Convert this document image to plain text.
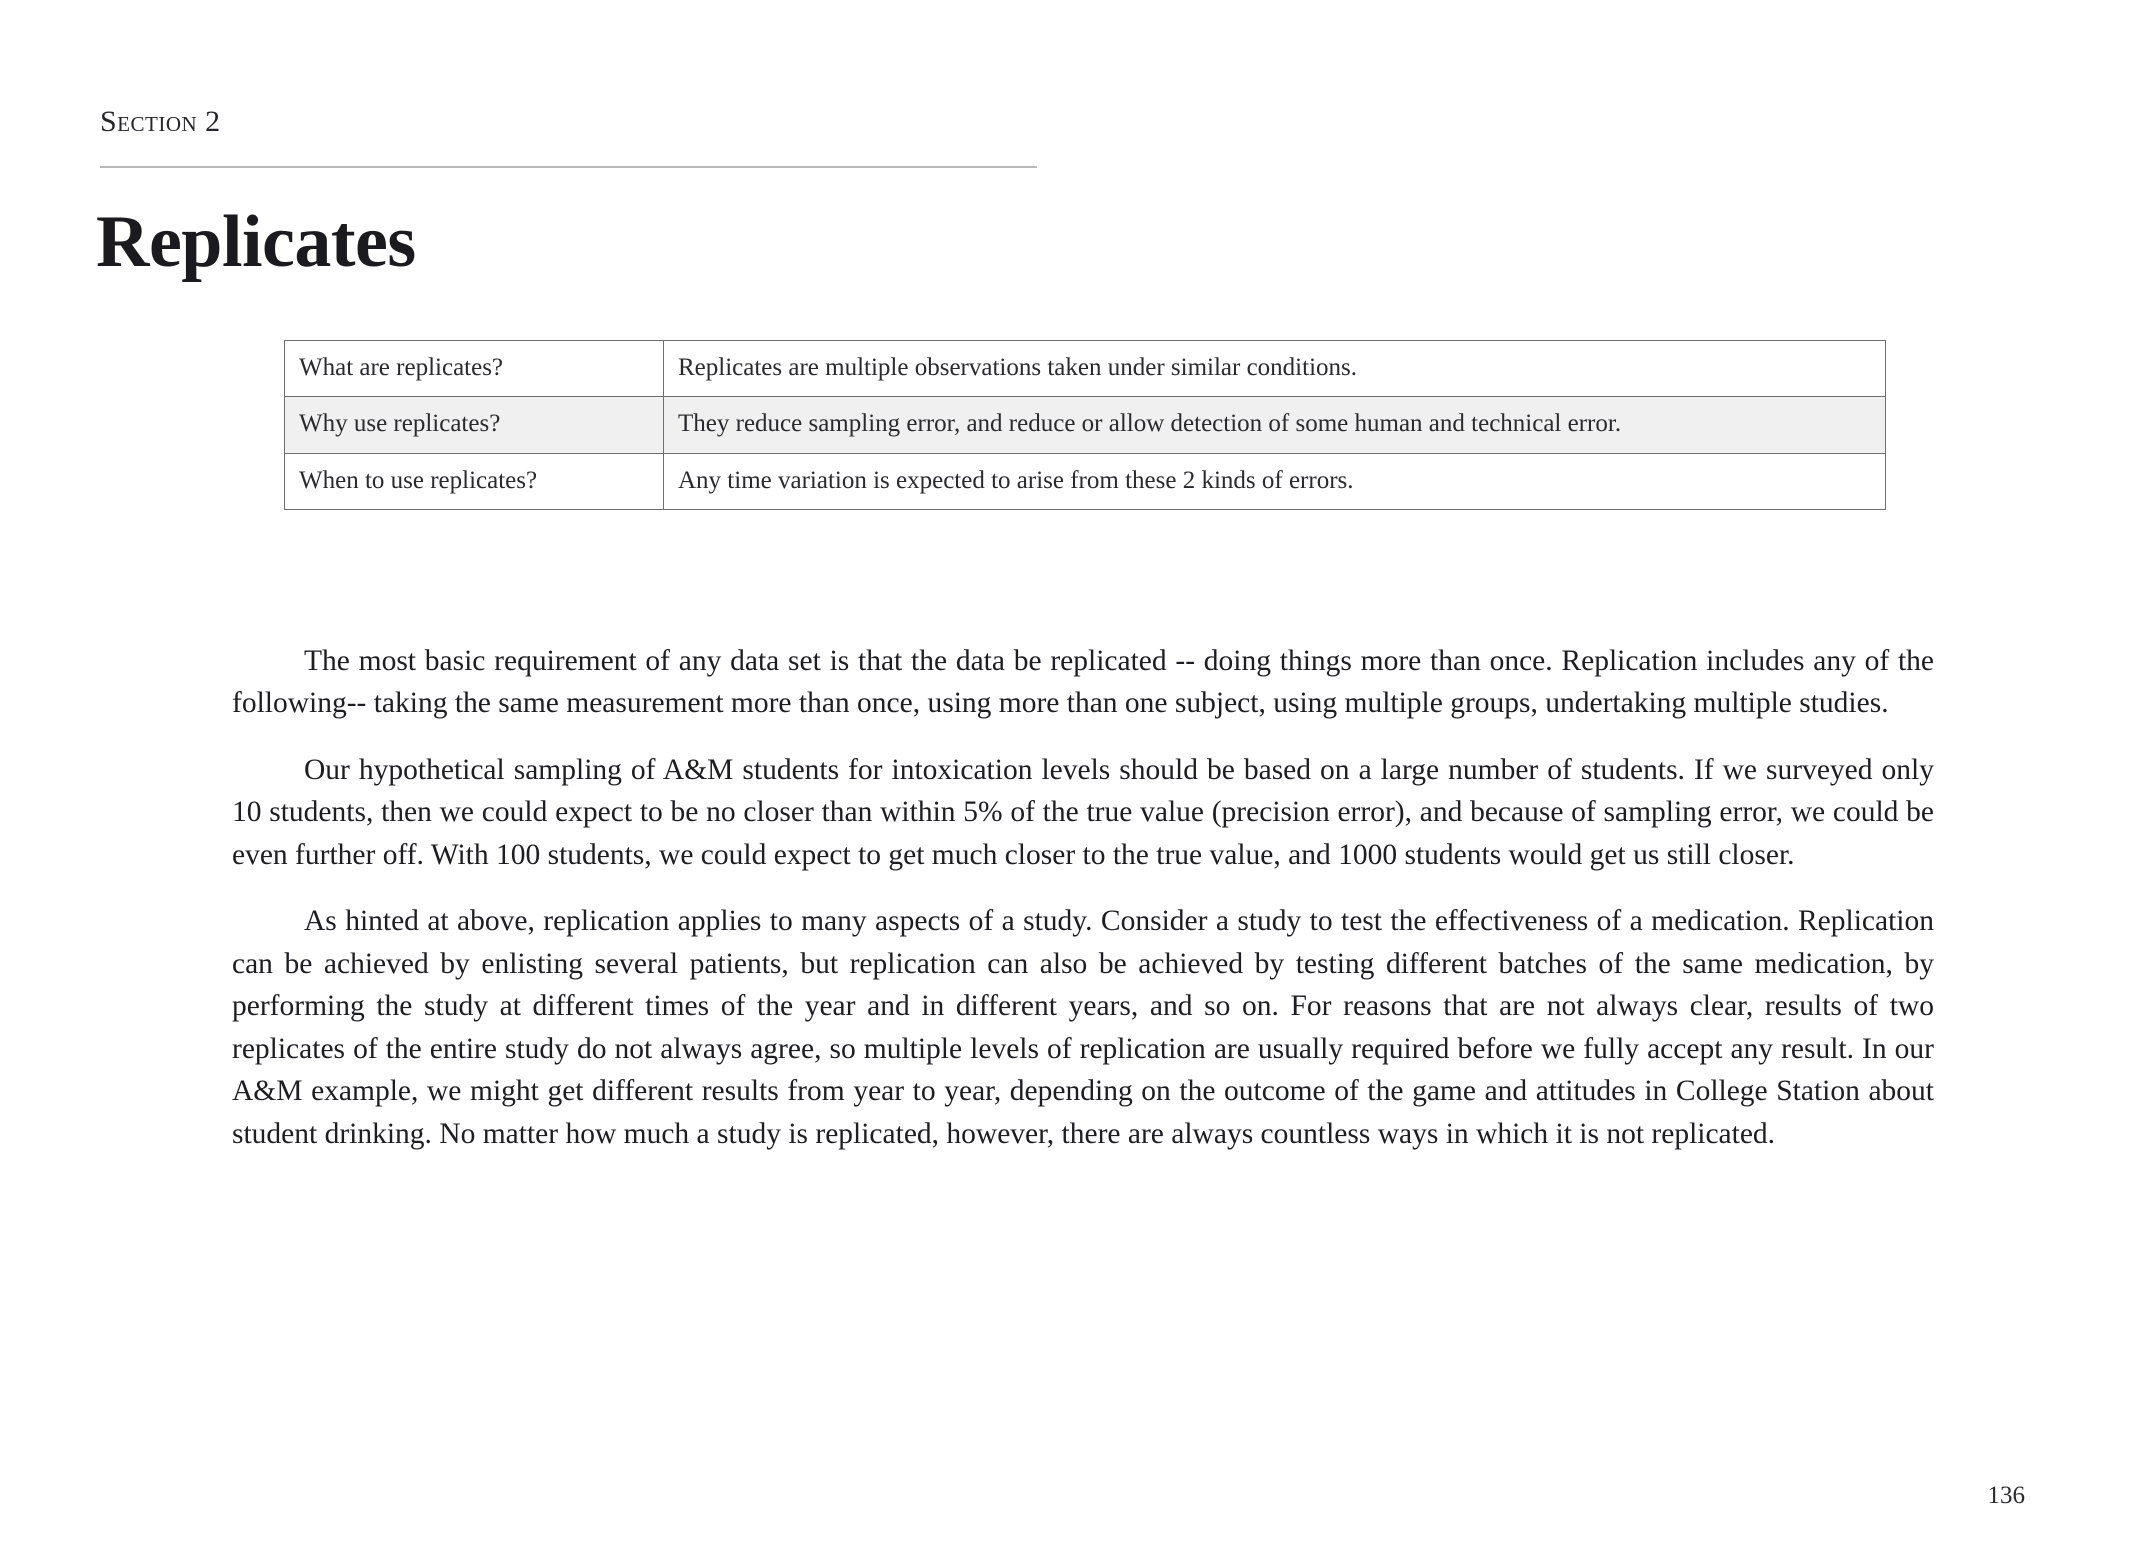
Section 2
Replicates
What are replicates?	Replicates are multiple observations taken under similar conditions.
Why use replicates?	They reduce sampling error, and reduce or allow detection of some human and technical error.
When to use replicates?	Any time variation is expected to arise from these 2 kinds of errors.

The most basic requirement of any data set is that the data be replicated -- doing things more than once. Replication includes any of the following-- taking the same measurement more than once, using more than one subject, using multiple groups, undertaking multiple studies.

Our hypothetical sampling of A&M students for intoxication levels should be based on a large number of students. If we surveyed only 10 students, then we could expect to be no closer than within 5% of the true value (precision error), and because of sampling error, we could be even further off. With 100 students, we could expect to get much closer to the true value, and 1000 students would get us still closer.

As hinted at above, replication applies to many aspects of a study. Consider a study to test the effectiveness of a medication. Replication can be achieved by enlisting several patients, but replication can also be achieved by testing different batches of the same medication, by performing the study at different times of the year and in different years, and so on. For reasons that are not always clear, results of two replicates of the entire study do not always agree, so multiple levels of replication are usually required before we fully accept any result. In our A&M example, we might get different results from year to year, depending on the outcome of the game and attitudes in College Station about student drinking. No matter how much a study is replicated, however, there are always countless ways in which it is not replicated.

136
